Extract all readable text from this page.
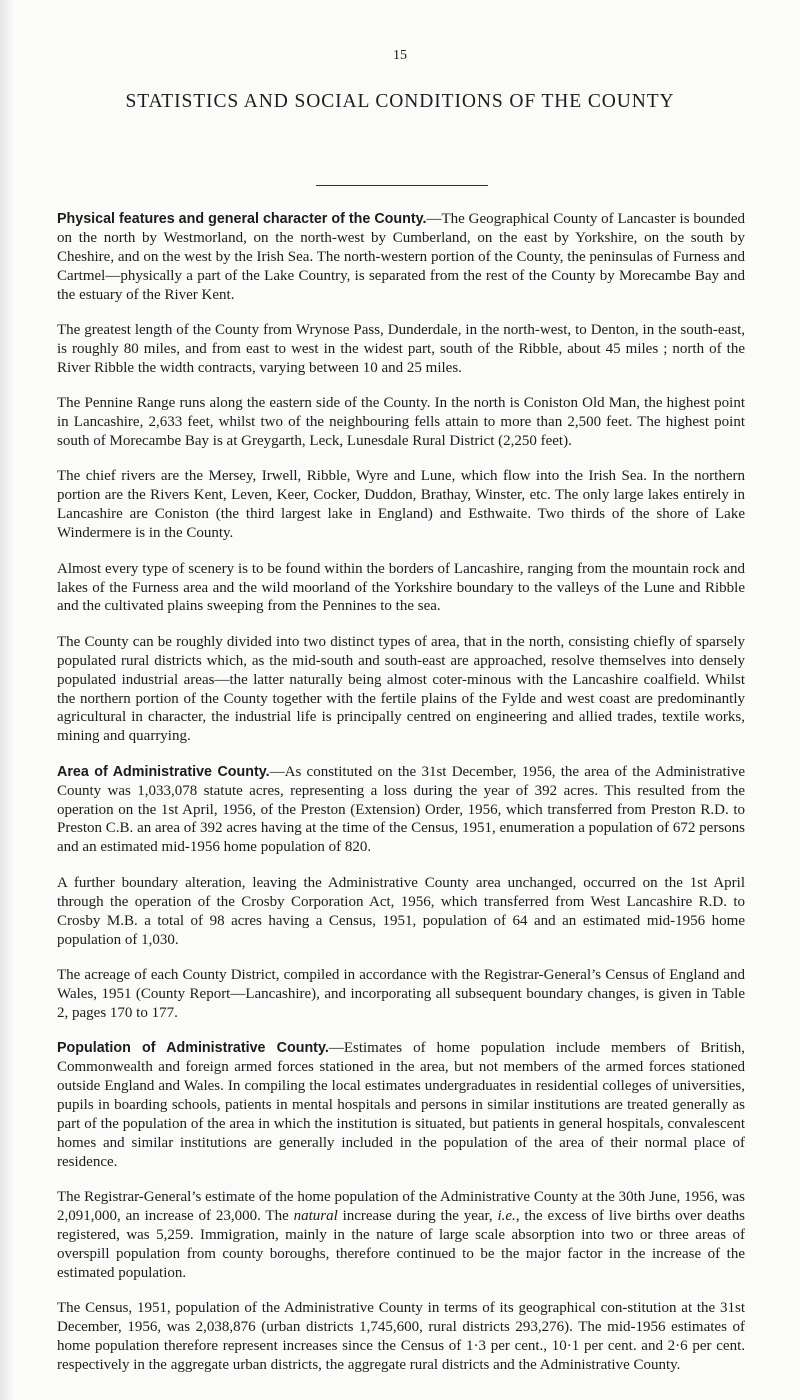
15
STATISTICS AND SOCIAL CONDITIONS OF THE COUNTY

Physical features and general character of the County.—The Geographical County of Lancaster is bounded on the north by Westmorland, on the north-west by Cumberland, on the east by Yorkshire, on the south by Cheshire, and on the west by the Irish Sea. The north-western portion of the County, the peninsulas of Furness and Cartmel—physically a part of the Lake Country, is separated from the rest of the County by Morecambe Bay and the estuary of the River Kent.

The greatest length of the County from Wrynose Pass, Dunderdale, in the north-west, to Denton, in the south-east, is roughly 80 miles, and from east to west in the widest part, south of the Ribble, about 45 miles ; north of the River Ribble the width contracts, varying between 10 and 25 miles.

The Pennine Range runs along the eastern side of the County. In the north is Coniston Old Man, the highest point in Lancashire, 2,633 feet, whilst two of the neighbouring fells attain to more than 2,500 feet. The highest point south of Morecambe Bay is at Greygarth, Leck, Lunesdale Rural District (2,250 feet).

The chief rivers are the Mersey, Irwell, Ribble, Wyre and Lune, which flow into the Irish Sea. In the northern portion are the Rivers Kent, Leven, Keer, Cocker, Duddon, Brathay, Winster, etc. The only large lakes entirely in Lancashire are Coniston (the third largest lake in England) and Esthwaite. Two thirds of the shore of Lake Windermere is in the County.

Almost every type of scenery is to be found within the borders of Lancashire, ranging from the mountain rock and lakes of the Furness area and the wild moorland of the Yorkshire boundary to the valleys of the Lune and Ribble and the cultivated plains sweeping from the Pennines to the sea.

The County can be roughly divided into two distinct types of area, that in the north, consisting chiefly of sparsely populated rural districts which, as the mid-south and south-east are approached, resolve themselves into densely populated industrial areas—the latter naturally being almost coter-minous with the Lancashire coalfield. Whilst the northern portion of the County together with the fertile plains of the Fylde and west coast are predominantly agricultural in character, the industrial life is principally centred on engineering and allied trades, textile works, mining and quarrying.

Area of Administrative County.—As constituted on the 31st December, 1956, the area of the Administrative County was 1,033,078 statute acres, representing a loss during the year of 392 acres. This resulted from the operation on the 1st April, 1956, of the Preston (Extension) Order, 1956, which transferred from Preston R.D. to Preston C.B. an area of 392 acres having at the time of the Census, 1951, enumeration a population of 672 persons and an estimated mid-1956 home population of 820.

A further boundary alteration, leaving the Administrative County area unchanged, occurred on the 1st April through the operation of the Crosby Corporation Act, 1956, which transferred from West Lancashire R.D. to Crosby M.B. a total of 98 acres having a Census, 1951, population of 64 and an estimated mid-1956 home population of 1,030.

The acreage of each County District, compiled in accordance with the Registrar-General’s Census of England and Wales, 1951 (County Report—Lancashire), and incorporating all subsequent boundary changes, is given in Table 2, pages 170 to 177.

Population of Administrative County.—Estimates of home population include members of British, Commonwealth and foreign armed forces stationed in the area, but not members of the armed forces stationed outside England and Wales. In compiling the local estimates undergraduates in residential colleges of universities, pupils in boarding schools, patients in mental hospitals and persons in similar institutions are treated generally as part of the population of the area in which the institution is situated, but patients in general hospitals, convalescent homes and similar institutions are generally included in the population of the area of their normal place of residence.

The Registrar-General’s estimate of the home population of the Administrative County at the 30th June, 1956, was 2,091,000, an increase of 23,000. The natural increase during the year, i.e., the excess of live births over deaths registered, was 5,259. Immigration, mainly in the nature of large scale absorption into two or three areas of overspill population from county boroughs, therefore continued to be the major factor in the increase of the estimated population.

The Census, 1951, population of the Administrative County in terms of its geographical con-stitution at the 31st December, 1956, was 2,038,876 (urban districts 1,745,600, rural districts 293,276). The mid-1956 estimates of home population therefore represent increases since the Census of 1·3 per cent., 10·1 per cent. and 2·6 per cent. respectively in the aggregate urban districts, the aggregate rural districts and the Administrative County.
